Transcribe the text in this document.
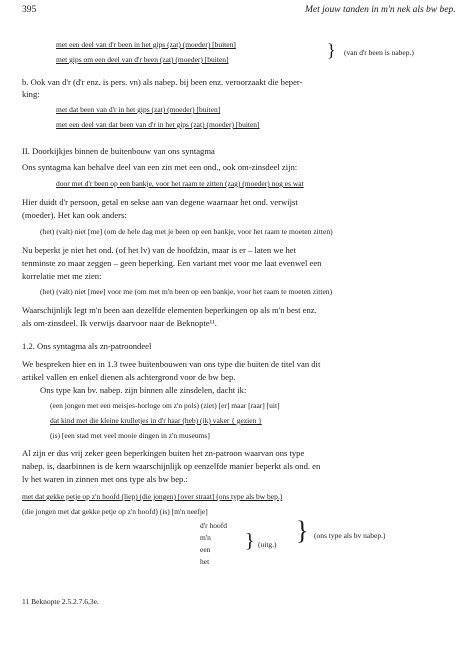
395	Met jouw tanden in m'n nek als bw bep.
met een deel van d'r been in het gips (zat) (moeder) [buiten]
met gips om een deel van d'r been (zat) (moeder) [buiten]	} (van d'r been is nabep.)
b. Ook van d'r (d'r enz. is pers. vn) als nabep. bij been enz. veroorzaakt die beper-
king:
met dat been van d'r in het gips (zat) (moeder) [buiten]
met een deel van dat been van d'r in het gips (zat) (moeder) [buiten]
II. Doorkijkjes binnen de buitenbouw van ons syntagma
Ons syntagma kan behalve deel van een zin met een ond., ook om-zinsdeel zijn:
door met d'r been op een bankje, voor het raam te zitten (zag) (moeder) nog es wat
Hier duidt d'r persoon, getal en sekse aan van degene waarnaar het ond. verwijst
(moeder). Het kan ook anders:
(het) (valt) niet [me] (om de hele dag met je been op een bankje, voor het raam te moeten zitten)
Nu beperkt je niet het ond. (of het lv) van de hoofdzin, maar is er – laten we het
tenminste zo maar zeggen – geen beperking. Een variant met voor me laat evenwel een
korrelatie met me zien:
(het) (valt) niet [mee] voor me (om met m'n been op een bankje, voor het raam te moeten zitten)
Waarschijnlijk legt m'n been aan dezelfde elementen beperkingen op als m'n best enz.
als om-zinsdeel. Ik verwijs daarvoor naar de Beknopte¹¹.
1.2. Ons syntagma als zn-patroondeel
We bespreken hier en in 1.3 twee buitenbouwen van ons type die buiten de titel van dit
artikel vallen en enkel dienen als achtergrond voor de bw bep.
Ons type kan bv. nabep. zijn binnen alle zinsdelen, dacht ik:
(een jongen met een meisjes-horloge om z'n pols) (ziet) [er] maar [raar] [uit]
dat kind met die kleine krulletjes in d'r haar (heb) (ik) vaker { gezien }
(is) [een stad met veel mooie dingen in z'n museums]
Al zijn er dus vrij zeker geen beperkingen buiten het zn-patroon waarvan ons type
nabep. is, daarbinnen is de kern waarschijnlijk op eenzelfde manier beperkt als ond. en
lv het waren in zinnen met ons type als bw bep.:
met dat gekke petje op z'n hoofd (liep) (die jongen) [over straat] (ons type als bw bep.)
(die jongen met dat gekke petje op z'n hoofd) (is) [m'n neefje]
d'r hoofd
m'n
een
het
} (uitg.) } (ons type als bv nabep.)
11 Beknopte 2.5.2.7.6,3e.
